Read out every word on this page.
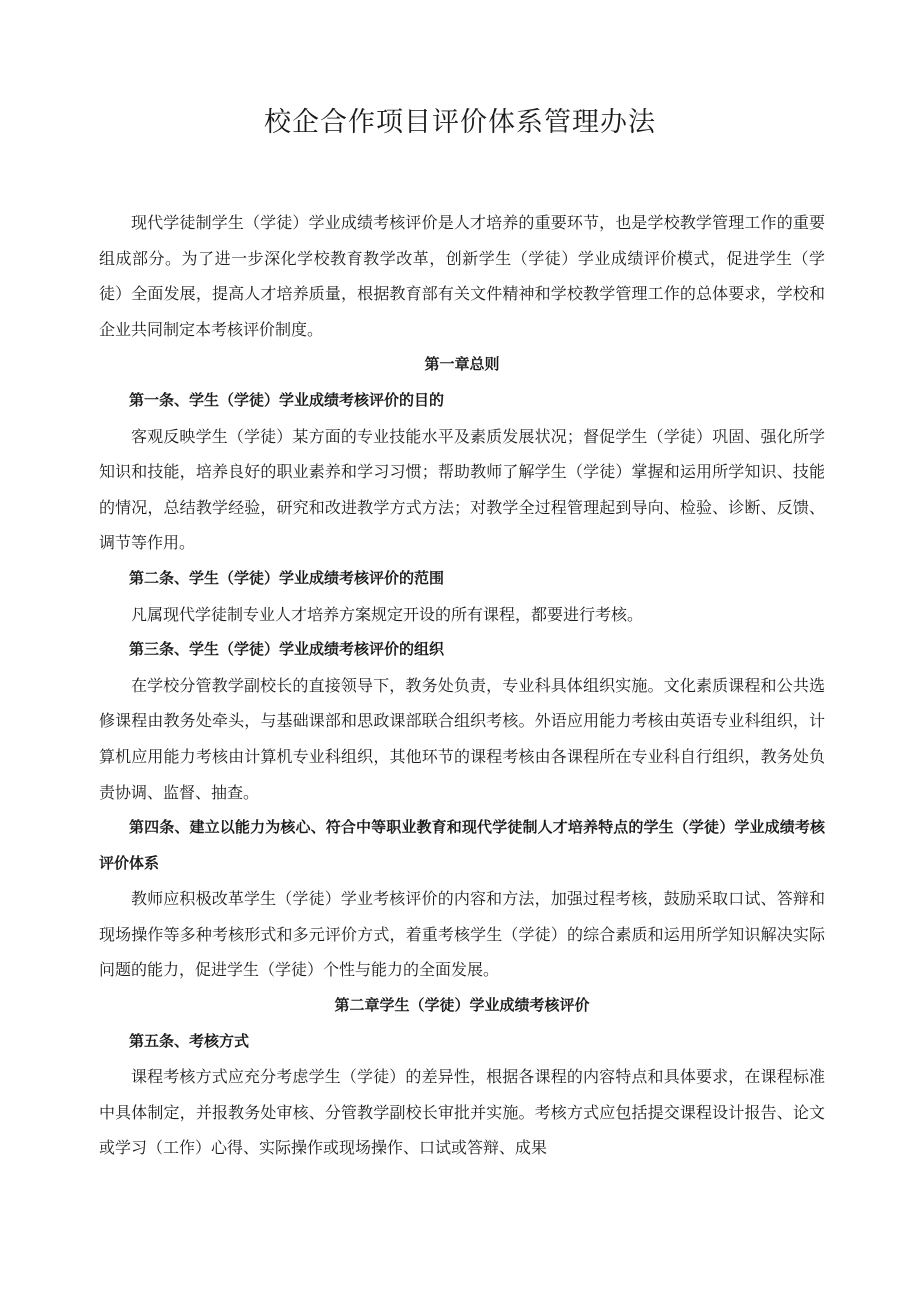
校企合作项目评价体系管理办法

现代学徒制学生（学徒）学业成绩考核评价是人才培养的重要环节，也是学校教学管理工作的重要组成部分。为了进一步深化学校教育教学改革，创新学生（学徒）学业成绩评价模式，促进学生（学徒）全面发展，提高人才培养质量，根据教育部有关文件精神和学校教学管理工作的总体要求，学校和企业共同制定本考核评价制度。

第一章总则

第一条、学生（学徒）学业成绩考核评价的目的

客观反映学生（学徒）某方面的专业技能水平及素质发展状况；督促学生（学徒）巩固、强化所学知识和技能，培养良好的职业素养和学习习惯；帮助教师了解学生（学徒）掌握和运用所学知识、技能的情况，总结教学经验，研究和改进教学方式方法；对教学全过程管理起到导向、检验、诊断、反馈、调节等作用。

第二条、学生（学徒）学业成绩考核评价的范围

凡属现代学徒制专业人才培养方案规定开设的所有课程，都要进行考核。

第三条、学生（学徒）学业成绩考核评价的组织

在学校分管教学副校长的直接领导下，教务处负责，专业科具体组织实施。文化素质课程和公共选修课程由教务处牵头，与基础课部和思政课部联合组织考核。外语应用能力考核由英语专业科组织，计算机应用能力考核由计算机专业科组织，其他环节的课程考核由各课程所在专业科自行组织，教务处负责协调、监督、抽查。

第四条、建立以能力为核心、符合中等职业教育和现代学徒制人才培养特点的学生（学徒）学业成绩考核评价体系

教师应积极改革学生（学徒）学业考核评价的内容和方法，加强过程考核，鼓励采取口试、答辩和现场操作等多种考核形式和多元评价方式，着重考核学生（学徒）的综合素质和运用所学知识解决实际问题的能力，促进学生（学徒）个性与能力的全面发展。

第二章学生（学徒）学业成绩考核评价

第五条、考核方式

课程考核方式应充分考虑学生（学徒）的差异性，根据各课程的内容特点和具体要求，在课程标准中具体制定，并报教务处审核、分管教学副校长审批并实施。考核方式应包括提交课程设计报告、论文或学习（工作）心得、实际操作或现场操作、口试或答辩、成果
